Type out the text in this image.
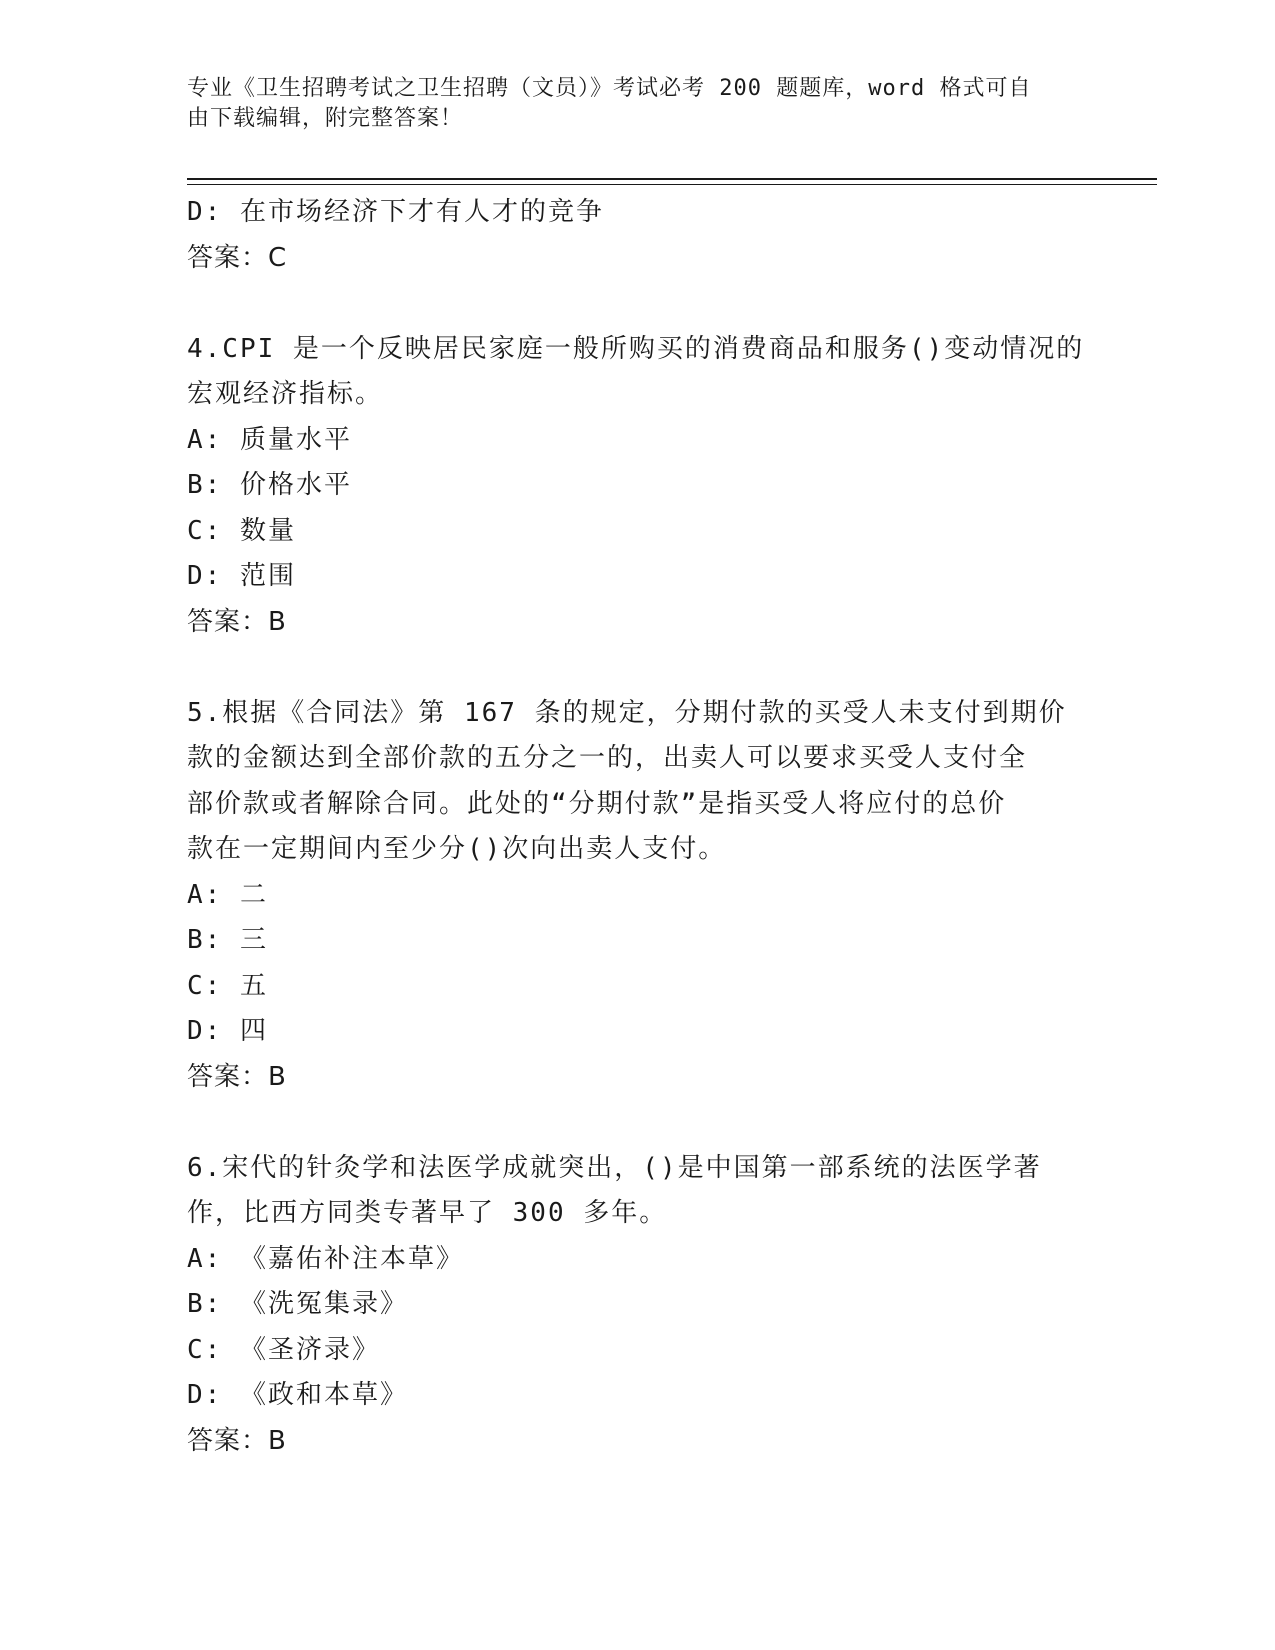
专业《卫生招聘考试之卫生招聘（文员）》考试必考 200 题题库，word 格式可自
由下载编辑，附完整答案！
D: 在市场经济下才有人才的竞争
答案：C
4.CPI 是一个反映居民家庭一般所购买的消费商品和服务()变动情况的
宏观经济指标。
A: 质量水平
B: 价格水平
C: 数量
D: 范围
答案：B
5.根据《合同法》第 167 条的规定，分期付款的买受人未支付到期价
款的金额达到全部价款的五分之一的，出卖人可以要求买受人支付全
部价款或者解除合同。此处的“分期付款”是指买受人将应付的总价
款在一定期间内至少分()次向出卖人支付。
A: 二
B: 三
C: 五
D: 四
答案：B
6.宋代的针灸学和法医学成就突出，()是中国第一部系统的法医学著
作，比西方同类专著早了 300 多年。
A: 《嘉佑补注本草》
B: 《洗冤集录》
C: 《圣济录》
D: 《政和本草》
答案：B
